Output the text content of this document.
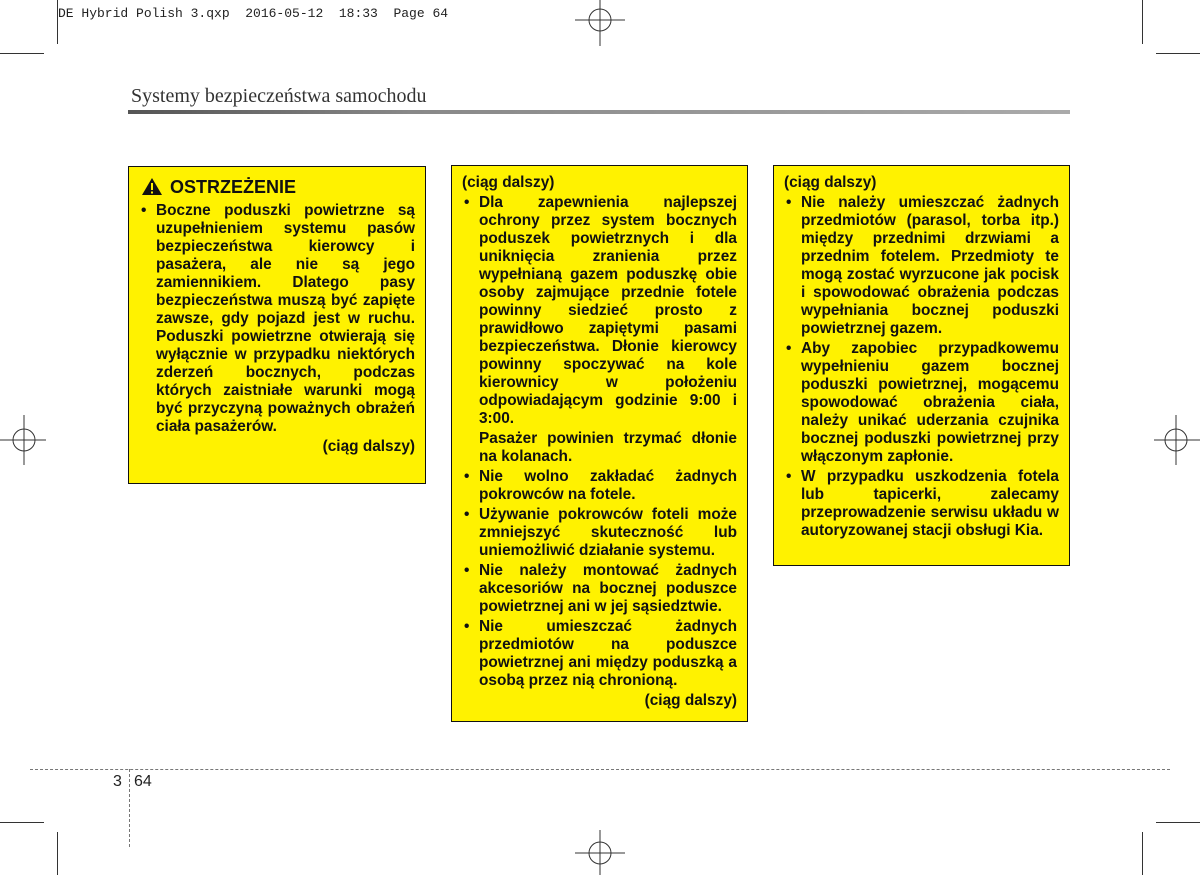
DE Hybrid Polish 3.qxp  2016-05-12  18:33  Page 64
Systemy bezpieczeństwa samochodu
OSTRZEŻENIE
• Boczne poduszki powietrzne są uzupełnieniem systemu pasów bezpieczeństwa kierowcy i pasażera, ale nie są jego zamiennikiem. Dlatego pasy bezpieczeństwa muszą być zapięte zawsze, gdy pojazd jest w ruchu. Poduszki powietrzne otwierają się wyłącznie w przypadku niektórych zderzeń bocznych, podczas których zaistniałe warunki mogą być przyczyną poważnych obrażeń ciała pasażerów.
(ciąg dalszy)
(ciąg dalszy)
• Dla zapewnienia najlepszej ochrony przez system bocznych poduszek powietrznych i dla uniknięcia zranienia przez wypełnianą gazem poduszkę obie osoby zajmujące przednie fotele powinny siedzieć prosto z prawidłowo zapiętymi pasami bezpieczeństwa. Dłonie kierowcy powinny spoczywać na kole kierownicy w położeniu odpowiadającym godzinie 9:00 i 3:00.
Pasażer powinien trzymać dłonie na kolanach.
• Nie wolno zakładać żadnych pokrowców na fotele.
• Używanie pokrowców foteli może zmniejszyć skuteczność lub uniemożliwić działanie systemu.
• Nie należy montować żadnych akcesoriów na bocznej poduszce powietrznej ani w jej sąsiedztwie.
• Nie umieszczać żadnych przedmiotów na poduszce powietrznej ani między poduszką a osobą przez nią chronioną.
(ciąg dalszy)
(ciąg dalszy)
• Nie należy umieszczać żadnych przedmiotów (parasol, torba itp.) między przednimi drzwiami a przednim fotelem. Przedmioty te mogą zostać wyrzucone jak pocisk i spowodować obrażenia podczas wypełniania bocznej poduszki powietrznej gazem.
• Aby zapobiec przypadkowemu wypełnieniu gazem bocznej poduszki powietrznej, mogącemu spowodować obrażenia ciała, należy unikać uderzania czujnika bocznej poduszki powietrznej przy włączonym zapłonie.
• W przypadku uszkodzenia fotela lub tapicerki, zalecamy przeprowadzenie serwisu układu w autoryzowanej stacji obsługi Kia.
3 64
